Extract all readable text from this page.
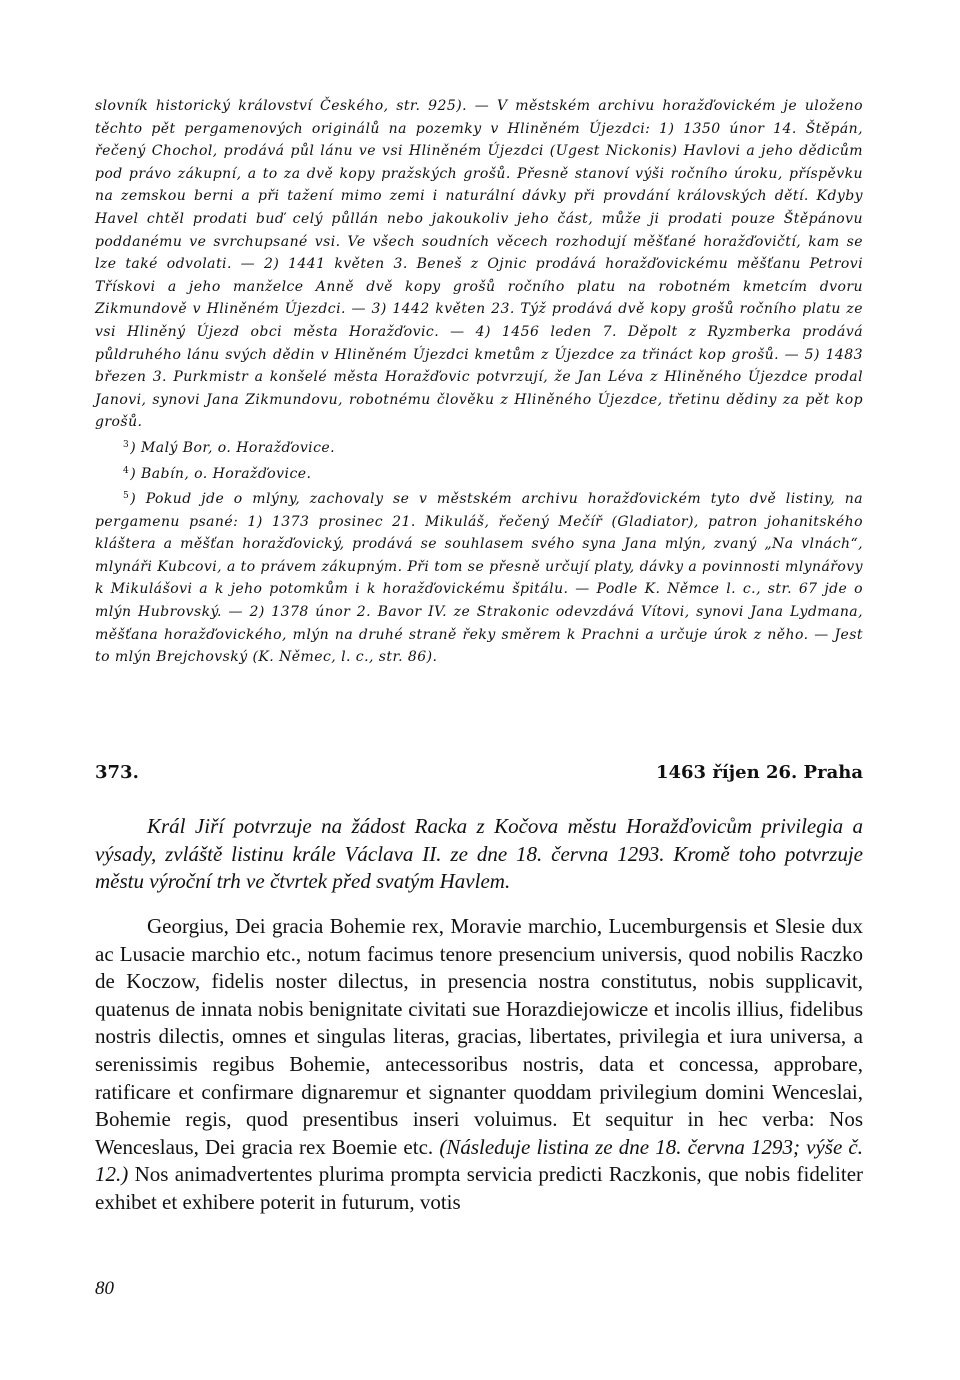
slovník historický království Českého, str. 925). — V městském archivu horažďovickém je uloženo těchto pět pergamenových originálů na pozemky v Hliněném Újezdci: 1) 1350 únor 14. Štěpán, řečený Chochol, prodává půl lánu ve vsi Hliněném Újezdci (Ugest Nickonis) Havlovi a jeho dědicům pod právo zákupní, a to za dvě kopy pražských grošů. Přesně stanoví výši ročního úroku, příspěvku na zemskou berni a při tažení mimo zemi i naturální dávky při provdání královských dětí. Kdyby Havel chtěl prodati buď celý půllán nebo jakoukoliv jeho část, může ji prodati pouze Štěpánovu poddanému ve svrchupsané vsi. Ve všech soudních věcech rozhodují měšťané horažďovičtí, kam se lze také odvolati. — 2) 1441 květen 3. Beneš z Ojnic prodává horažďovickému měšťanu Petrovi Třískovi a jeho manželce Anně dvě kopy grošů ročního platu na robotném kmetcím dvoru Zikmundově v Hliněném Újezdci. — 3) 1442 květen 23. Týž prodává dvě kopy grošů ročního platu ze vsi Hliněný Újezd obci města Horažďovic. — 4) 1456 leden 7. Děpolt z Ryzmberka prodává půldruhého lánu svých dědin v Hliněném Újezdci kmetům z Újezdce za třináct kop grošů. — 5) 1483 březen 3. Purkmistr a konšelé města Horažďovic potvrzují, že Jan Léva z Hliněného Újezdce prodal Janovi, synovi Jana Zikmundovu, robotnému člověku z Hliněného Újezdce, třetinu dědiny za pět kop grošů.

$^3$) Malý Bor, o. Horažďovice.

$^4$) Babín, o. Horažďovice.

$^5$) Pokud jde o mlýny, zachovaly se v městském archivu horažďovickém tyto dvě listiny, na pergamenu psané: 1) 1373 prosinec 21. Mikuláš, řečený Mečíř (Gladiator), patron johanitského kláštera a měšťan horažďovický, prodává se souhlasem svého syna Jana mlýn, zvaný „Na vlnách“, mlynáři Kubcovi, a to právem zákupným. Při tom se přesně určují platy, dávky a povinnosti mlynářovy k Mikulášovi a k jeho potomkům i k horažďovickému špitálu. — Podle K. Němce l. c., str. 67 jde o mlýn Hubrovský. — 2) 1378 únor 2. Bavor IV. ze Strakonic odevzdává Vítovi, synovi Jana Lydmana, měšťana horažďovického, mlýn na druhé straně řeky směrem k Prachni a určuje úrok z něho. — Jest to mlýn Brejchovský (K. Němec, l. c., str. 86).

373.	1463 říjen 26. Praha

Král Jiří potvrzuje na žádost Racka z Kočova městu Horažďovicům privilegia a výsady, zvláště listinu krále Václava II. ze dne 18. června 1293. Kromě toho potvrzuje městu výroční trh ve čtvrtek před svatým Havlem.

Georgius, Dei gracia Bohemie rex, Moravie marchio, Lucemburgensis et Slesie dux ac Lusacie marchio etc., notum facimus tenore presencium universis, quod nobilis Raczko de Koczow, fidelis noster dilectus, in presencia nostra constitutus, nobis supplicavit, quatenus de innata nobis benignitate civitati sue Horazdiejowicze et incolis illius, fidelibus nostris dilectis, omnes et singulas literas, gracias, libertates, privilegia et iura universa, a serenissimis regibus Bohemie, antecessoribus nostris, data et concessa, approbare, ratificare et confirmare dignaremur et signanter quoddam privilegium domini Wenceslai, Bohemie regis, quod presentibus inseri voluimus. Et sequitur in hec verba: Nos Wenceslaus, Dei gracia rex Boemie etc. (Následuje listina ze dne 18. června 1293; výše č. 12.) Nos animadvertentes plurima prompta servicia predicti Raczkonis, que nobis fideliter exhibet et exhibere poterit in futurum, votis

80
